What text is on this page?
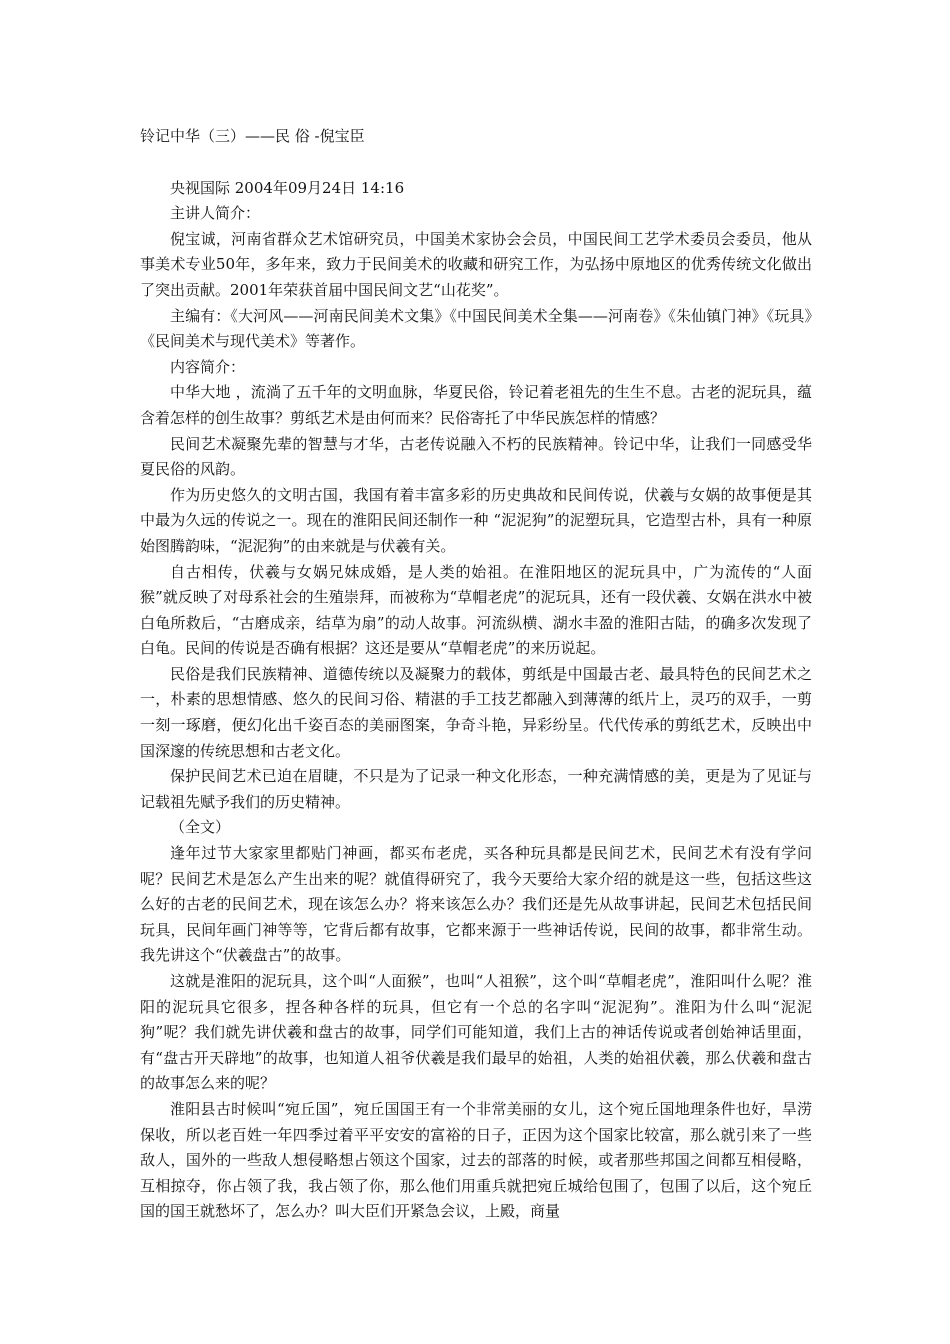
铃记中华（三）——民 俗 -倪宝臣

央视国际 2004年09月24日 14:16

主讲人简介：

倪宝诚，河南省群众艺术馆研究员，中国美术家协会会员，中国民间工艺学术委员会委员，他从事美术专业50年，多年来，致力于民间美术的收藏和研究工作，为弘扬中原地区的优秀传统文化做出了突出贡献。2001年荣获首届中国民间文艺“山花奖”。

主编有：《大河风——河南民间美术文集》《中国民间美术全集——河南卷》《朱仙镇门神》《玩具》《民间美术与现代美术》等著作。

内容简介：

中华大地 ，流淌了五千年的文明血脉，华夏民俗，铃记着老祖先的生生不息。古老的泥玩具，蕴含着怎样的创生故事？剪纸艺术是由何而来？民俗寄托了中华民族怎样的情感？

民间艺术凝聚先辈的智慧与才华，古老传说融入不朽的民族精神。铃记中华，让我们一同感受华夏民俗的风韵。

作为历史悠久的文明古国，我国有着丰富多彩的历史典故和民间传说，伏羲与女娲的故事便是其中最为久远的传说之一。现在的淮阳民间还制作一种 “泥泥狗”的泥塑玩具，它造型古朴，具有一种原始图腾韵味，“泥泥狗”的由来就是与伏羲有关。

自古相传，伏羲与女娲兄妹成婚，是人类的始祖。在淮阳地区的泥玩具中，广为流传的“人面猴”就反映了对母系社会的生殖崇拜，而被称为“草帽老虎”的泥玩具，还有一段伏羲、女娲在洪水中被白龟所救后，“古磨成亲，结草为扇”的动人故事。河流纵横、湖水丰盈的淮阳古陆，的确多次发现了白龟。民间的传说是否确有根据？这还是要从“草帽老虎”的来历说起。

民俗是我们民族精神、道德传统以及凝聚力的载体，剪纸是中国最古老、最具特色的民间艺术之一，朴素的思想情感、悠久的民间习俗、精湛的手工技艺都融入到薄薄的纸片上，灵巧的双手，一剪一刻一琢磨，便幻化出千姿百态的美丽图案，争奇斗艳，异彩纷呈。代代传承的剪纸艺术，反映出中国深邃的传统思想和古老文化。

保护民间艺术已迫在眉睫，不只是为了记录一种文化形态，一种充满情感的美，更是为了见证与记载祖先赋予我们的历史精神。

（全文）

逢年过节大家家里都贴门神画，都买布老虎，买各种玩具都是民间艺术，民间艺术有没有学问呢？民间艺术是怎么产生出来的呢？就值得研究了，我今天要给大家介绍的就是这一些，包括这些这么好的古老的民间艺术，现在该怎么办？将来该怎么办？我们还是先从故事讲起，民间艺术包括民间玩具，民间年画门神等等，它背后都有故事，它都来源于一些神话传说，民间的故事，都非常生动。我先讲这个“伏羲盘古”的故事。

这就是淮阳的泥玩具，这个叫“人面猴”，也叫“人祖猴”，这个叫“草帽老虎”，淮阳叫什么呢？淮阳的泥玩具它很多，捏各种各样的玩具，但它有一个总的名字叫“泥泥狗”。淮阳为什么叫“泥泥狗”呢？我们就先讲伏羲和盘古的故事，同学们可能知道，我们上古的神话传说或者创始神话里面，有“盘古开天辟地”的故事，也知道人祖爷伏羲是我们最早的始祖，人类的始祖伏羲，那么伏羲和盘古的故事怎么来的呢？

淮阳县古时候叫“宛丘国”，宛丘国国王有一个非常美丽的女儿，这个宛丘国地理条件也好，旱涝保收，所以老百姓一年四季过着平平安安的富裕的日子，正因为这个国家比较富，那么就引来了一些敌人，国外的一些敌人想侵略想占领这个国家，过去的部落的时候，或者那些邦国之间都互相侵略，互相掠夺，你占领了我，我占领了你，那么他们用重兵就把宛丘城给包围了，包围了以后，这个宛丘国的国王就愁坏了，怎么办？叫大臣们开紧急会议，上殿，商量
